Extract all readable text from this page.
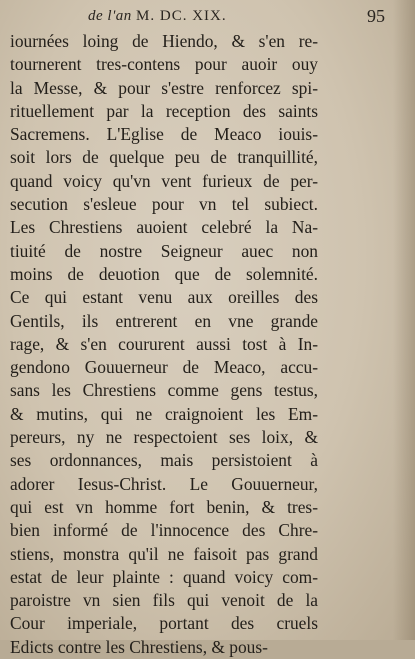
de l'an M. DC. XIX.	95
iournées loing de Hiendo, & s'en re-
tournerent tres-contens pour auoir ouy
la Messe, & pour s'estre renforcez spi-
rituellement par la reception des saints
Sacremens. L'Eglise de Meaco iouis-
soit lors de quelque peu de tranquillité,
quand voicy qu'vn vent furieux de per-
secution s'esleue pour vn tel subiect.
Les Chrestiens auoient celebré la Na-
tiuité de nostre Seigneur auec non
moins de deuotion que de solemnité.
Ce qui estant venu aux oreilles des
Gentils, ils entrerent en vne grande
rage, & s'en coururent aussi tost à In-
gendono Gouuerneur de Meaco, accu-
sans les Chrestiens comme gens testus,
& mutins, qui ne craignoient les Em-
pereurs, ny ne respectoient ses loix, &
ses ordonnances, mais persistoient à
adorer Iesus-Christ. Le Gouuerneur,
qui est vn homme fort benin, & tres-
bien informé de l'innocence des Chre-
stiens, monstra qu'il ne faisoit pas grand
estat de leur plainte : quand voicy com-
paroistre vn sien fils qui venoit de la
Cour imperiale, portant des cruels
Edicts contre les Chrestiens, & pous-
